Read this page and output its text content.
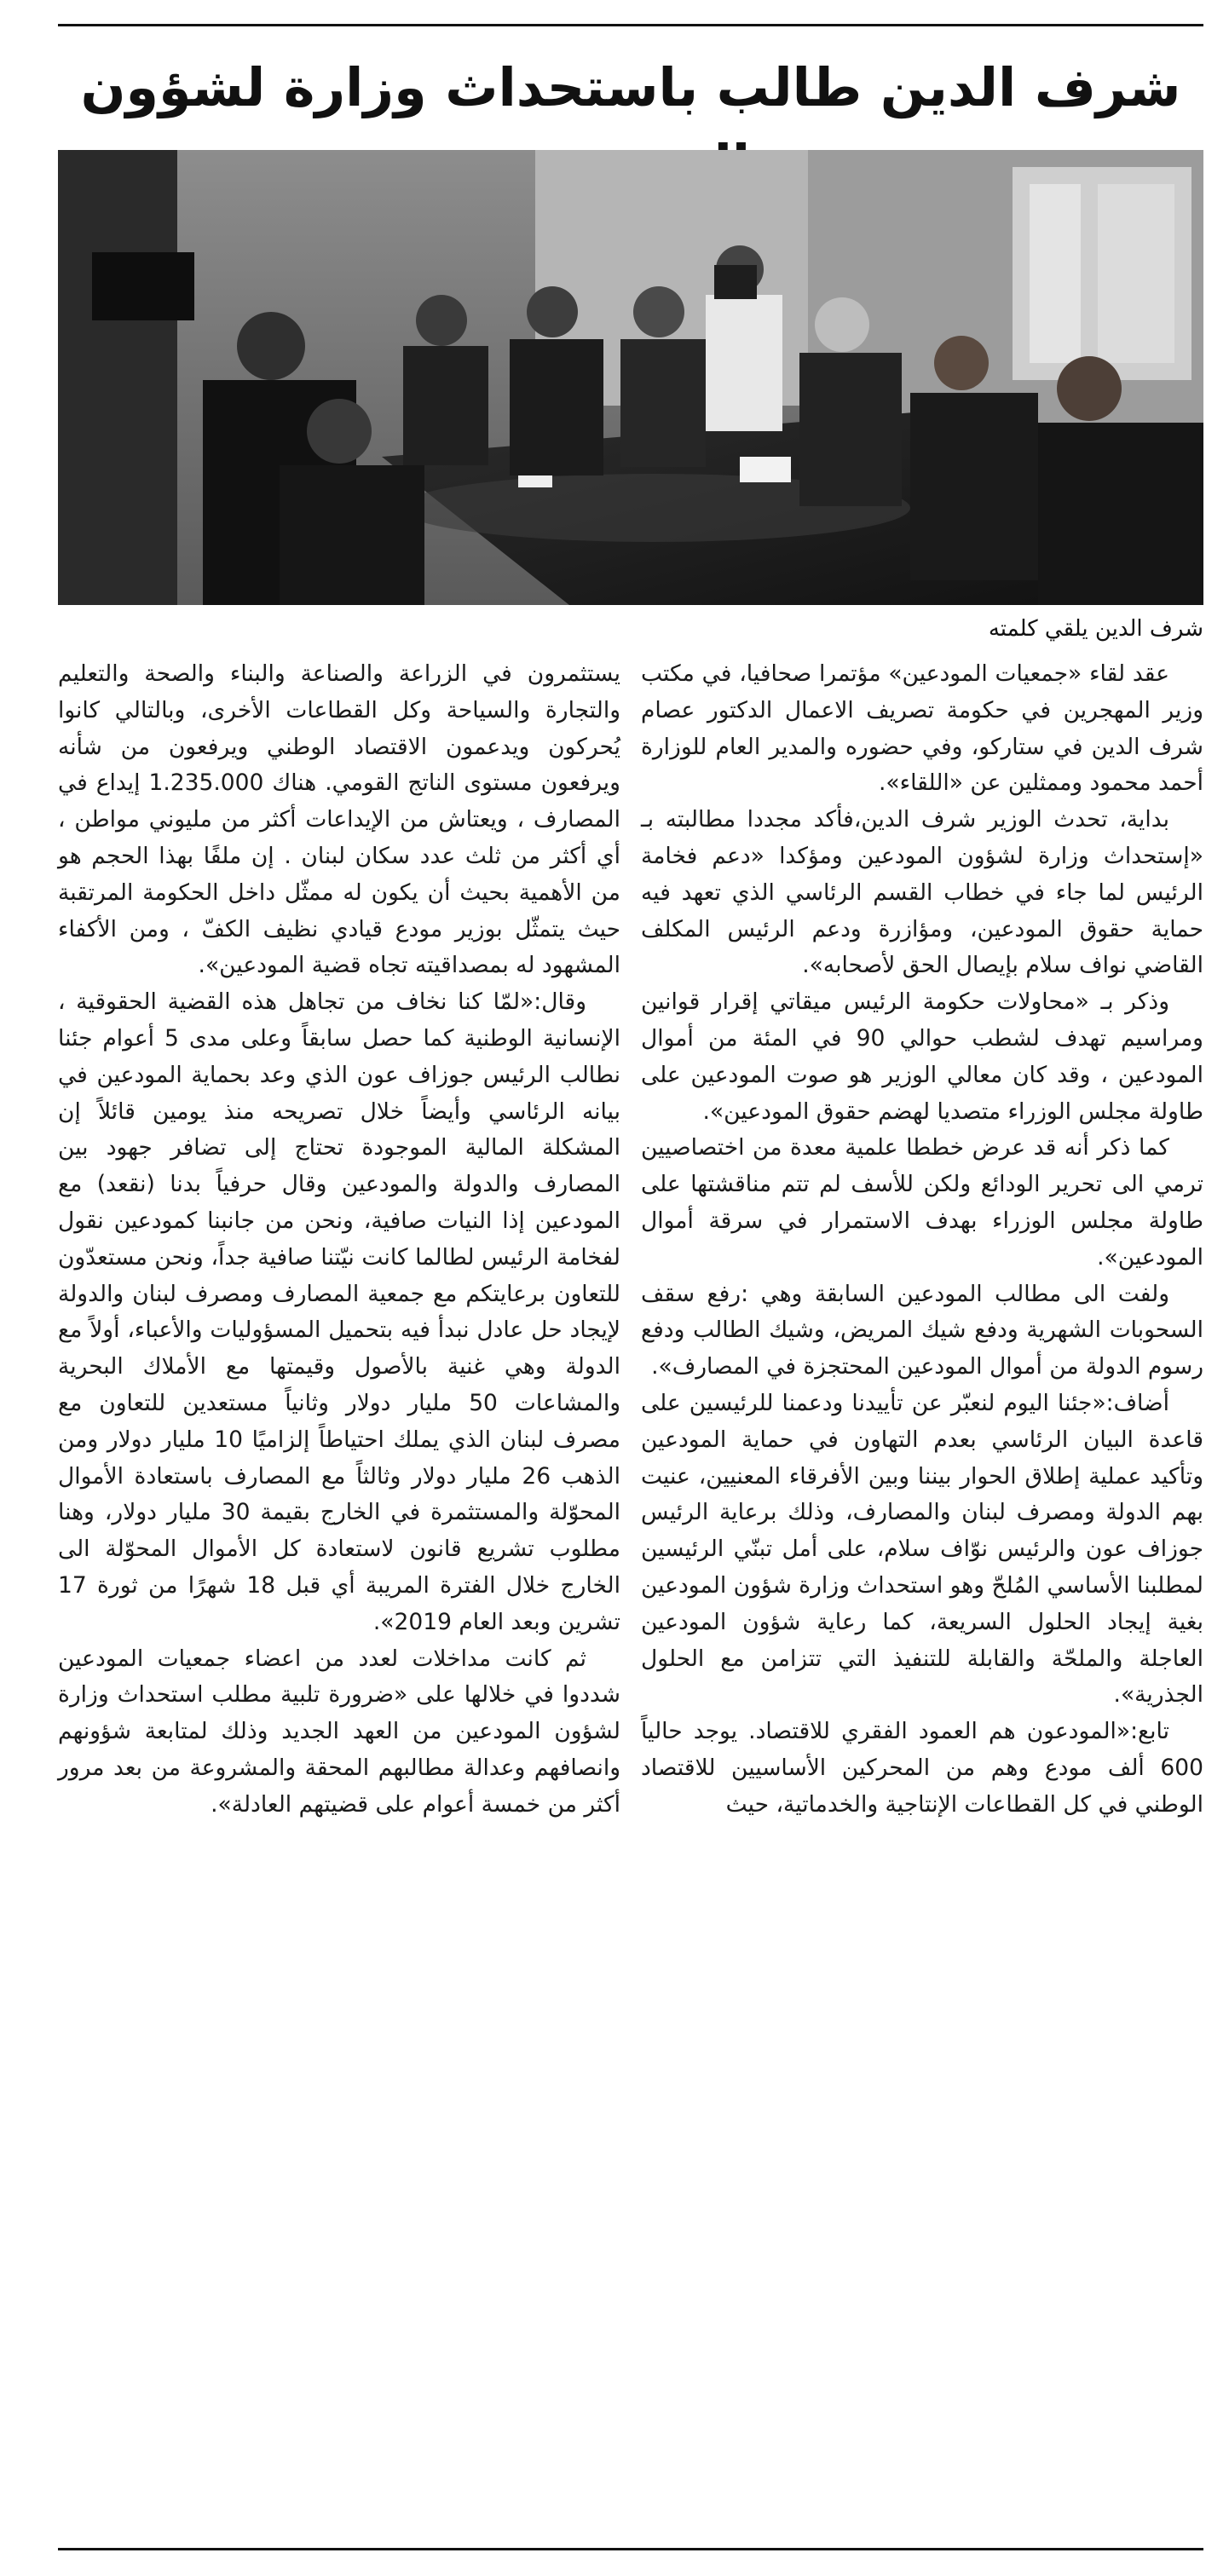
شرف الدين طالب باستحداث وزارة لشؤون

شرف الدين يلقي كلمته

عقد لقاء «جمعيات المودعين» مؤتمرا صحافيا، في مكتب وزير المهجرين في حكومة تصريف الاعمال الدكتور عصام شرف الدين في ستاركو، وفي حضوره والمدير العام للوزارة أحمد محمود وممثلين عن «اللقاء».

بداية، تحدث الوزير شرف الدين،فأكد مجددا مطالبته بـ «إستحداث وزارة لشؤون المودعين ومؤكدا «دعم فخامة الرئيس لما جاء في خطاب القسم الرئاسي الذي تعهد فيه حماية حقوق المودعين، ومؤازرة ودعم الرئيس المكلف القاضي نواف سلام بإيصال الحق لأصحابه».

وذكر بـ «محاولات حكومة الرئيس ميقاتي إقرار قوانين ومراسيم تهدف لشطب حوالي 90 في المئة من أموال المودعين ، وقد كان معالي الوزير هو صوت المودعين على طاولة مجلس الوزراء متصديا لهضم حقوق المودعين».

كما ذكر أنه قد عرض خططا علمية معدة من اختصاصيين ترمي الى تحرير الودائع ولكن للأسف لم تتم مناقشتها على طاولة مجلس الوزراء بهدف الاستمرار في سرقة أموال المودعين».

ولفت الى مطالب المودعين السابقة وهي :رفع سقف السحوبات الشهرية ودفع شيك المريض، وشيك الطالب ودفع رسوم الدولة من أموال المودعين المحتجزة في المصارف».

أضاف:«جئنا اليوم لنعبّر عن تأييدنا ودعمنا للرئيسين على قاعدة البيان الرئاسي بعدم التهاون في حماية المودعين وتأكيد عملية إطلاق الحوار بيننا وبين الأفرقاء المعنيين، عنيت بهم الدولة ومصرف لبنان والمصارف، وذلك برعاية الرئيس جوزاف عون والرئيس نوّاف سلام، على أمل تبنّي الرئيسين لمطلبنا الأساسي المُلحّ وهو استحداث وزارة شؤون المودعين بغية إيجاد الحلول السريعة، كما رعاية شؤون المودعين العاجلة والملحّة والقابلة للتنفيذ التي تتزامن مع الحلول الجذرية».

تابع:«المودعون هم العمود الفقري للاقتصاد. يوجد حالياً 600 ألف مودع وهم من المحركين الأساسيين للاقتصاد الوطني في كل القطاعات الإنتاجية والخدماتية، حيث

يستثمرون في الزراعة والصناعة والبناء والصحة والتعليم والتجارة والسياحة وكل القطاعات الأخرى، وبالتالي كانوا يُحركون ويدعمون الاقتصاد الوطني ويرفعون من شأنه ويرفعون مستوى الناتج القومي. هناك 1.235.000 إيداع في المصارف ، ويعتاش من الإيداعات أكثر من مليوني مواطن ، أي أكثر من ثلث عدد سكان لبنان . إن ملفًا بهذا الحجم هو من الأهمية بحيث أن يكون له ممثّل داخل الحكومة المرتقبة حيث يتمثّل بوزير مودع قيادي نظيف الكفّ ، ومن الأكفاء المشهود له بمصداقيته تجاه قضية المودعين».

وقال:«لمّا كنا نخاف من تجاهل هذه القضية الحقوقية ، الإنسانية الوطنية كما حصل سابقاً وعلى مدى 5 أعوام جئنا نطالب الرئيس جوزاف عون الذي وعد بحماية المودعين في بيانه الرئاسي وأيضاً خلال تصريحه منذ يومين قائلاً إن المشكلة المالية الموجودة تحتاج إلى تضافر جهود بين المصارف والدولة والمودعين وقال حرفياً بدنا (نقعد) مع المودعين إذا النيات صافية، ونحن من جانبنا كمودعين نقول لفخامة الرئيس لطالما كانت نيّتنا صافية جداً، ونحن مستعدّون للتعاون برعايتكم مع جمعية المصارف ومصرف لبنان والدولة لإيجاد حل عادل نبدأ فيه بتحميل المسؤوليات والأعباء، أولاً مع الدولة وهي غنية بالأصول وقيمتها مع الأملاك البحرية والمشاعات 50 مليار دولار وثانياً مستعدين للتعاون مع مصرف لبنان الذي يملك احتياطاً إلزاميًا 10 مليار دولار ومن الذهب 26 مليار دولار وثالثاً مع المصارف باستعادة الأموال المحوّلة والمستثمرة في الخارج بقيمة 30 مليار دولار، وهنا مطلوب تشريع قانون لاستعادة كل الأموال المحوّلة الى الخارج خلال الفترة المريبة أي قبل 18 شهرًا من ثورة 17 تشرين وبعد العام 2019».

ثم كانت مداخلات لعدد من اعضاء جمعيات المودعين شددوا في خلالها على «ضرورة تلبية مطلب استحداث وزارة لشؤون المودعين من العهد الجديد وذلك لمتابعة شؤونهم وانصافهم وعدالة مطالبهم المحقة والمشروعة من بعد مرور أكثر من خمسة أعوام على قضيتهم العادلة».
